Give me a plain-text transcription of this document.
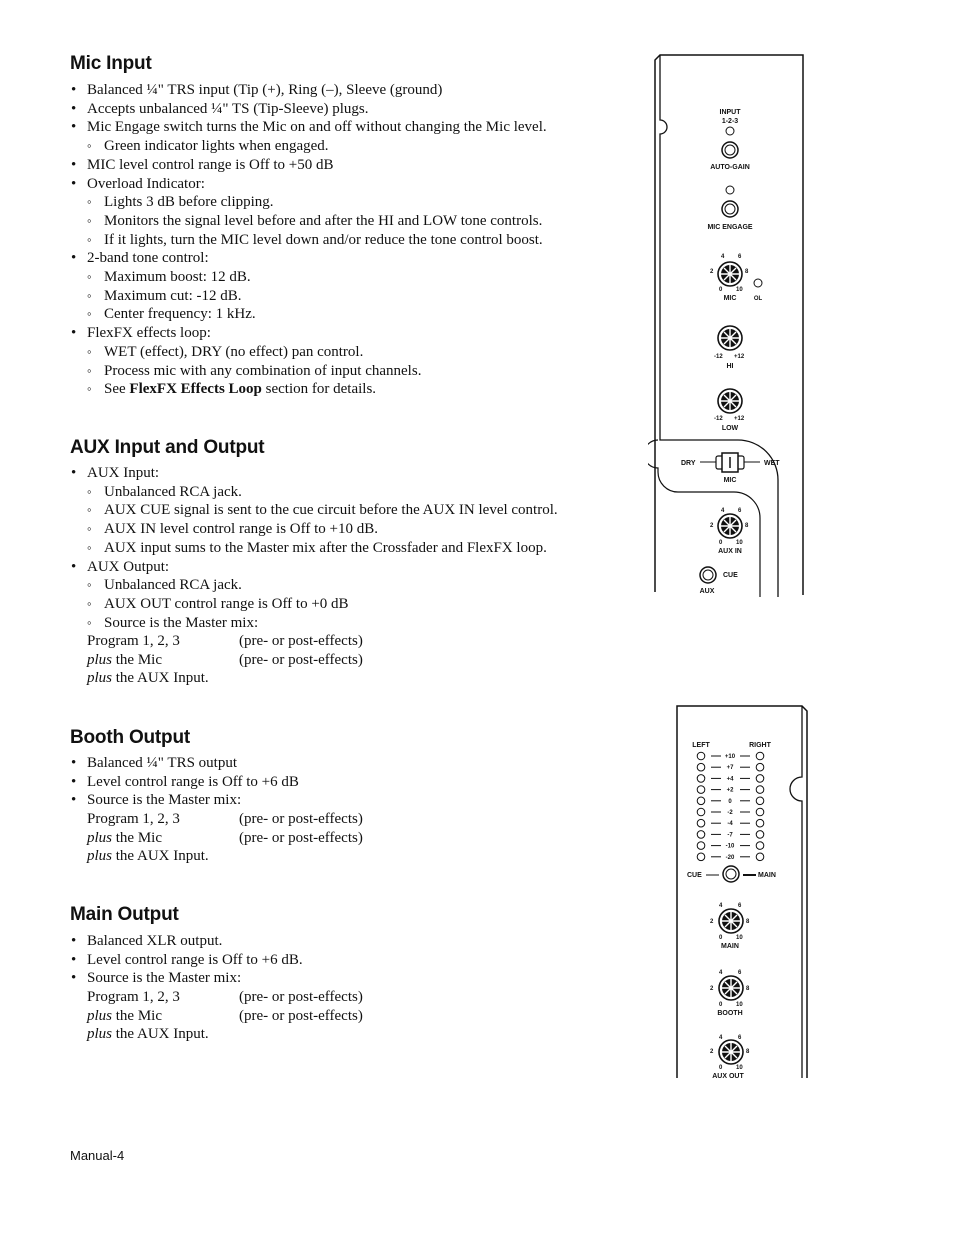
Mic Input
• Balanced ¼" TRS input (Tip (+), Ring (–), Sleeve (ground)
• Accepts unbalanced ¼" TS (Tip-Sleeve) plugs.
• Mic Engage switch turns the Mic on and off without changing the Mic level.
◦ Green indicator lights when engaged.
• MIC level control range is Off to +50 dB
• Overload Indicator:
◦ Lights 3 dB before clipping.
◦ Monitors the signal level before and after the HI and LOW tone controls.
◦ If it lights, turn the MIC level down and/or reduce the tone control boost.
• 2-band tone control:
◦ Maximum boost: 12 dB.
◦ Maximum cut: -12 dB.
◦ Center frequency: 1 kHz.
• FlexFX effects loop:
◦ WET (effect), DRY (no effect) pan control.
◦ Process mic with any combination of input channels.
◦ See FlexFX Effects Loop section for details.
AUX Input and Output
• AUX Input:
◦ Unbalanced RCA jack.
◦ AUX CUE signal is sent to the cue circuit before the AUX IN level control.
◦ AUX IN level control range is Off to +10 dB.
◦ AUX input sums to the Master mix after the Crossfader and FlexFX loop.
• AUX Output:
◦ Unbalanced RCA jack.
◦ AUX OUT control range is Off to +0 dB
◦ Source is the Master mix:
Program 1, 2, 3	(pre- or post-effects)
plus the Mic	(pre- or post-effects)
plus the AUX Input.
Booth Output
• Balanced ¼" TRS output
• Level control range is Off to +6 dB
• Source is the Master mix:
Program 1, 2, 3	(pre- or post-effects)
plus the Mic	(pre- or post-effects)
plus the AUX Input.
Main Output
• Balanced XLR output.
• Level control range is Off to +6 dB.
• Source is the Master mix:
Program 1, 2, 3	(pre- or post-effects)
plus the Mic	(pre- or post-effects)
plus the AUX Input.
Manual-4
INPUT
1-2-3
AUTO-GAIN
MIC ENGAGE
4 6
2	8
0 10
MIC	OL
-12 +12
HI
-12 +12
LOW
DRY	WET
MIC
4 6
2	8
0 10
AUX IN
CUE
AUX
LEFT	RIGHT
+10
+7
+4
+2
0
-2
-4
-7
-10
-20
CUE	MAIN
4	6
2	8
0 10
MAIN
4	6
2	8
0 10
BOOTH
4	6
2	8
0 10
AUX OUT
